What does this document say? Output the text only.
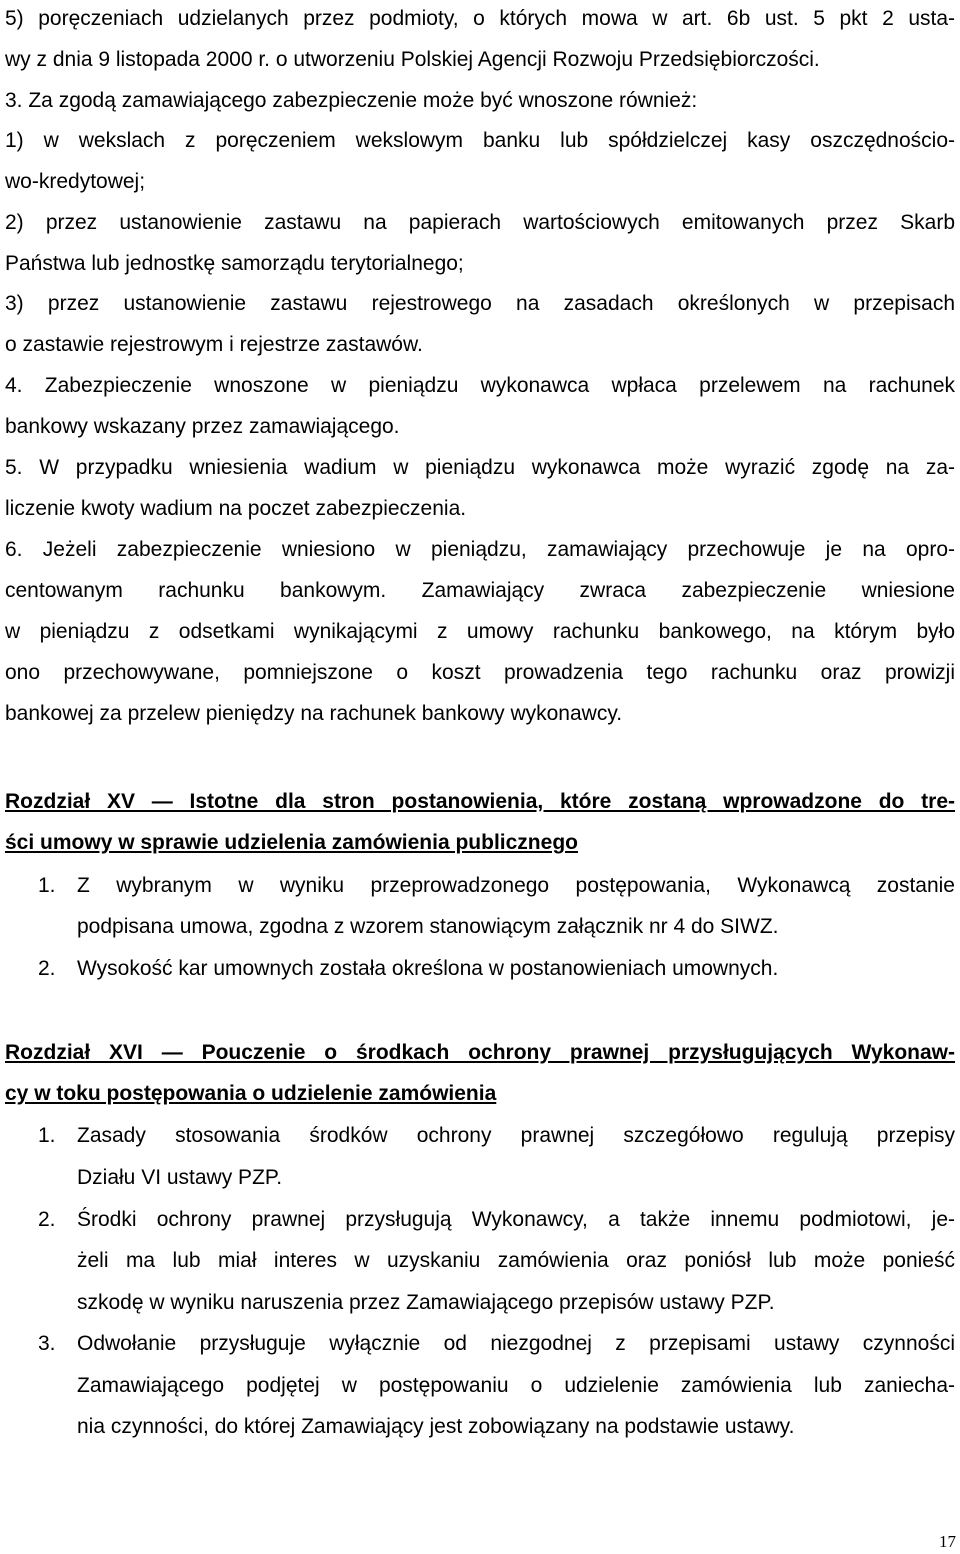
5) poręczeniach udzielanych przez podmioty, o których mowa w art. 6b ust. 5 pkt 2 usta-
wy z dnia 9 listopada 2000 r. o utworzeniu Polskiej Agencji Rozwoju Przedsiębiorczości.
3. Za zgodą zamawiającego zabezpieczenie może być wnoszone również:
1) w wekslach z poręczeniem wekslowym banku lub spółdzielczej kasy oszczędnościo-
wo-kredytowej;
2) przez ustanowienie zastawu na papierach wartościowych emitowanych przez Skarb
Państwa lub jednostkę samorządu terytorialnego;
3) przez ustanowienie zastawu rejestrowego na zasadach określonych w przepisach
o zastawie rejestrowym i rejestrze zastawów.
4. Zabezpieczenie wnoszone w pieniądzu wykonawca wpłaca przelewem na rachunek
bankowy wskazany przez zamawiającego.
5. W przypadku wniesienia wadium w pieniądzu wykonawca może wyrazić zgodę na za-
liczenie kwoty wadium na poczet zabezpieczenia.
6. Jeżeli zabezpieczenie wniesiono w pieniądzu, zamawiający przechowuje je na opro-
centowanym rachunku bankowym. Zamawiający zwraca zabezpieczenie wniesione
w pieniądzu z odsetkami wynikającymi z umowy rachunku bankowego, na którym było
ono przechowywane, pomniejszone o koszt prowadzenia tego rachunku oraz prowizji
bankowej za przelew pieniędzy na rachunek bankowy wykonawcy.
Rozdział XV — Istotne dla stron postanowienia, które zostaną wprowadzone do tre-
ści umowy w sprawie udzielenia zamówienia publicznego
1. Z wybranym w wyniku przeprowadzonego postępowania, Wykonawcą zostanie
podpisana umowa, zgodna z wzorem stanowiącym załącznik nr 4 do SIWZ.
2. Wysokość kar umownych została określona w postanowieniach umownych.
Rozdział XVI — Pouczenie o środkach ochrony prawnej przysługujących Wykonaw-
cy w toku postępowania o udzielenie zamówienia
1. Zasady stosowania środków ochrony prawnej szczegółowo regulują przepisy
Działu VI ustawy PZP.
2. Środki ochrony prawnej przysługują Wykonawcy, a także innemu podmiotowi, je-
żeli ma lub miał interes w uzyskaniu zamówienia oraz poniósł lub może ponieść
szkodę w wyniku naruszenia przez Zamawiającego przepisów ustawy PZP.
3. Odwołanie przysługuje wyłącznie od niezgodnej z przepisami ustawy czynności
Zamawiającego podjętej w postępowaniu o udzielenie zamówienia lub zaniecha-
nia czynności, do której Zamawiający jest zobowiązany na podstawie ustawy.
17
